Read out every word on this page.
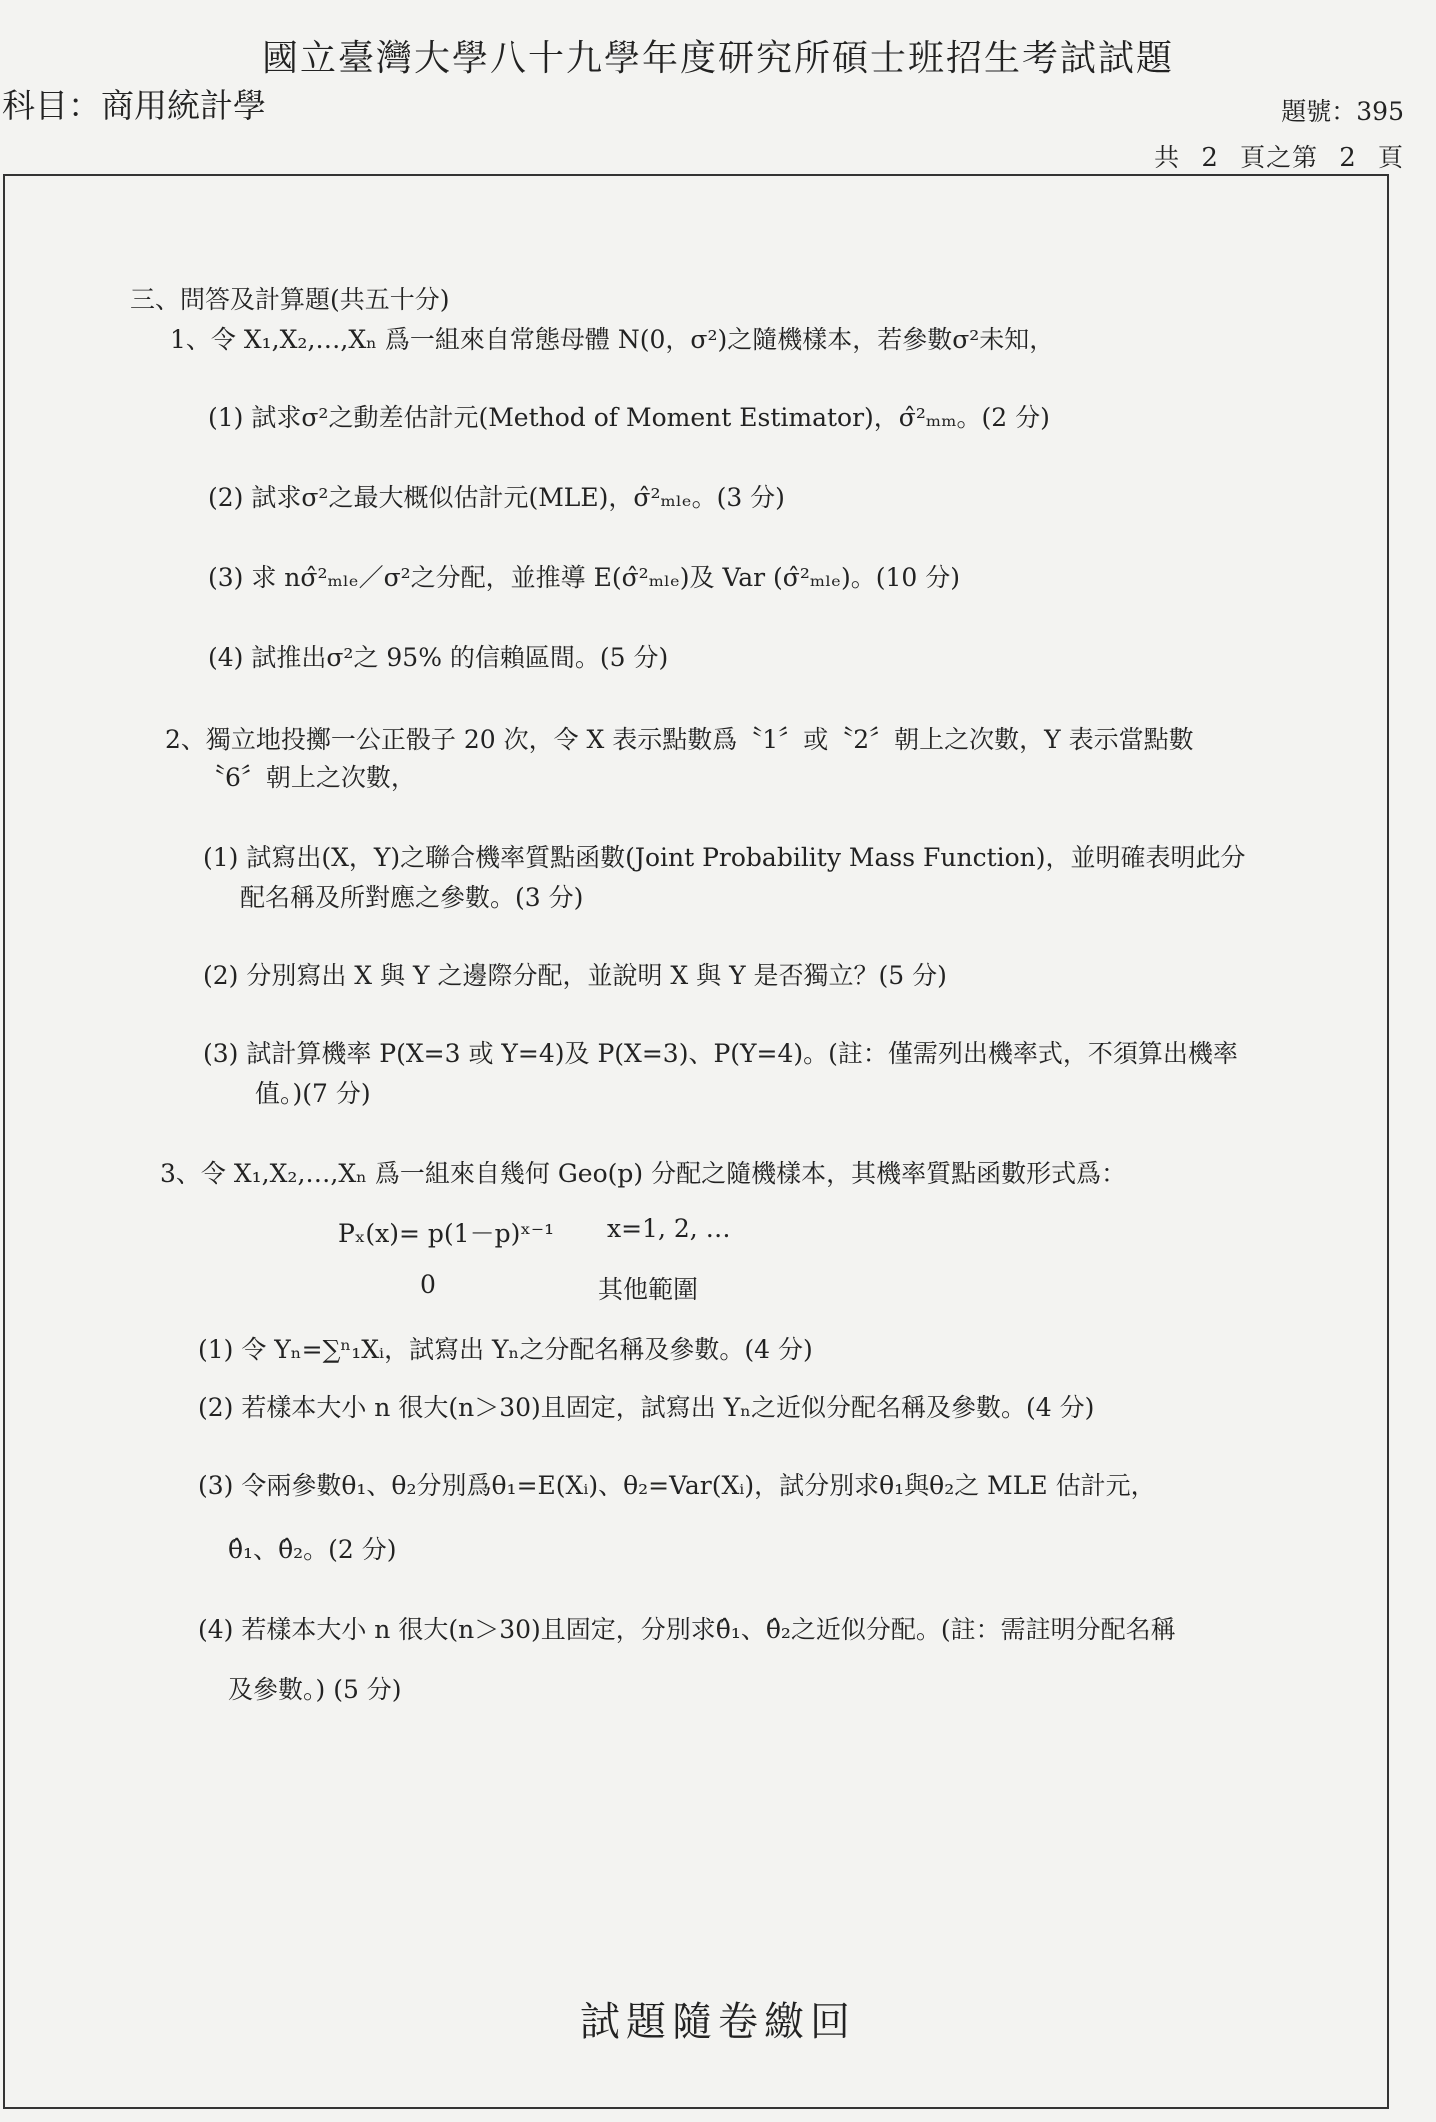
國立臺灣大學八十九學年度研究所碩士班招生考試試題
科目：商用統計學	題號：395
共 2 頁之第 2 頁
三、問答及計算題(共五十分)
1、令 X₁,X₂,…,Xₙ 爲一組來自常態母體 N(0，σ²)之隨機樣本，若參數σ²未知，
(1) 試求σ²之動差估計元(Method of Moment Estimator)，σ̂²ₘₘ。(2 分)
(2) 試求σ²之最大概似估計元(MLE)，σ̂²ₘₗₑ。(3 分)
(3) 求 nσ̂²ₘₗₑ／σ²之分配，並推導 E(σ̂²ₘₗₑ)及 Var (σ̂²ₘₗₑ)。(10 分)
(4) 試推出σ²之 95% 的信賴區間。(5 分)
2、獨立地投擲一公正骰子 20 次，令 X 表示點數爲〝1〞或〝2〞朝上之次數，Y 表示當點數
〝6〞朝上之次數，
(1) 試寫出(X，Y)之聯合機率質點函數(Joint Probability Mass Function)，並明確表明此分
配名稱及所對應之參數。(3 分)
(2) 分別寫出 X 與 Y 之邊際分配，並說明 X 與 Y 是否獨立？(5 分)
(3) 試計算機率 P(X=3 或 Y=4)及 P(X=3)、P(Y=4)。(註：僅需列出機率式，不須算出機率
值。)(7 分)
3、令 X₁,X₂,…,Xₙ 爲一組來自幾何 Geo(p) 分配之隨機樣本，其機率質點函數形式爲：
Pₓ(x)= p(1－p)ˣ⁻¹ x=1, 2, …
0	其他範圍
(1) 令 Yₙ=∑ⁿ₁Xᵢ，試寫出 Yₙ之分配名稱及參數。(4 分)
(2) 若樣本大小 n 很大(n＞30)且固定，試寫出 Yₙ之近似分配名稱及參數。(4 分)
(3) 令兩參數θ₁、θ₂分別爲θ₁=E(Xᵢ)、θ₂=Var(Xᵢ)，試分別求θ₁與θ₂之 MLE 估計元，
θ̂₁、θ̂₂。(2 分)
(4) 若樣本大小 n 很大(n＞30)且固定，分別求θ̂₁、θ̂₂之近似分配。(註：需註明分配名稱
及參數。) (5 分)
試題隨卷繳回
